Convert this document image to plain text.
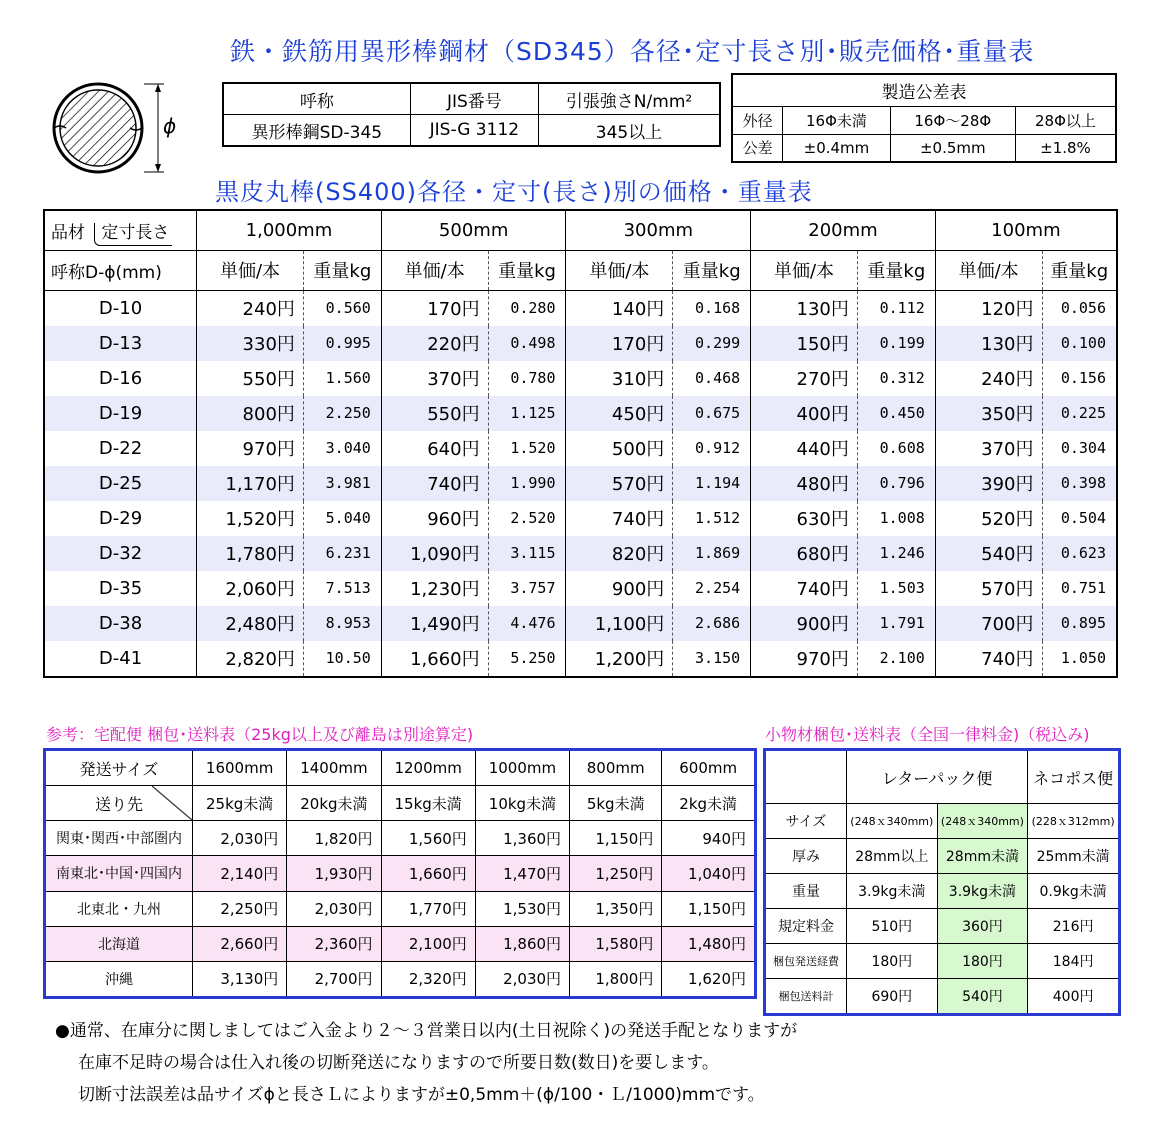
鉄・鉄筋用異形棒鋼材（SD345）各径･定寸長さ別･販売価格･重量表
ϕ
呼称	JIS番号	引張強さN/mm²
異形棒鋼SD-345	JIS-G 3112	345以上
製造公差表			
外径	16Φ未満	16Φ～28Φ	28Φ以上
公差	±0.4mm	±0.5mm	±1.8%
黒皮丸棒(SS400)各径・定寸(長さ)別の価格・重量表
品材 定寸長さ	1,000mm		500mm		300mm		200mm		100mm	
呼称D-ϕ(mm)	単価/本	重量kg	単価/本	重量kg	単価/本	重量kg	単価/本	重量kg	単価/本	重量kg
D-10	240円	0.560	170円	0.280	140円	0.168	130円	0.112	120円	0.056
D-13	330円	0.995	220円	0.498	170円	0.299	150円	0.199	130円	0.100
D-16	550円	1.560	370円	0.780	310円	0.468	270円	0.312	240円	0.156
D-19	800円	2.250	550円	1.125	450円	0.675	400円	0.450	350円	0.225
D-22	970円	3.040	640円	1.520	500円	0.912	440円	0.608	370円	0.304
D-25	1,170円	3.981	740円	1.990	570円	1.194	480円	0.796	390円	0.398
D-29	1,520円	5.040	960円	2.520	740円	1.512	630円	1.008	520円	0.504
D-32	1,780円	6.231	1,090円	3.115	820円	1.869	680円	1.246	540円	0.623
D-35	2,060円	7.513	1,230円	3.757	900円	2.254	740円	1.503	570円	0.751
D-38	2,480円	8.953	1,490円	4.476	1,100円	2.686	900円	1.791	700円	0.895
D-41	2,820円	10.50	1,660円	5.250	1,200円	3.150	970円	2.100	740円	1.050
参考：宅配便 梱包･送料表（25kg以上及び離島は別途算定)	小物材梱包･送料表（全国一律料金)（税込み)
発送サイズ	1600mm	1400mm	1200mm	1000mm	800mm	600mm
送り先	25kg未満	20kg未満	15kg未満	10kg未満	5kg未満	2kg未満
関東･関西･中部圏内	2,030円	1,820円	1,560円	1,360円	1,150円	940円
南東北･中国･四国内	2,140円	1,930円	1,660円	1,470円	1,250円	1,040円
北東北・九州	2,250円	2,030円	1,770円	1,530円	1,350円	1,150円
北海道	2,660円	2,360円	2,100円	1,860円	1,580円	1,480円
沖縄	3,130円	2,700円	2,320円	2,030円	1,800円	1,620円
	レターパック便		ネコポス便
サイズ	(248ｘ340mm)	(248ｘ340mm)	(228ｘ312mm)
厚み	28mm以上	28mm未満	25mm未満
重量	3.9kg未満	3.9kg未満	0.9kg未満
規定料金	510円	360円	216円
梱包発送経費	180円	180円	184円
梱包送料計	690円	540円	400円
●通常、在庫分に関しましてはご入金より２～３営業日以内(土日祝除く)の発送手配となりますが
在庫不足時の場合は仕入れ後の切断発送になりますので所要日数(数日)を要します。
切断寸法誤差は品サイズϕと長さＬによりますが±0,5mm＋(ϕ/100・Ｌ/1000)mmです。
